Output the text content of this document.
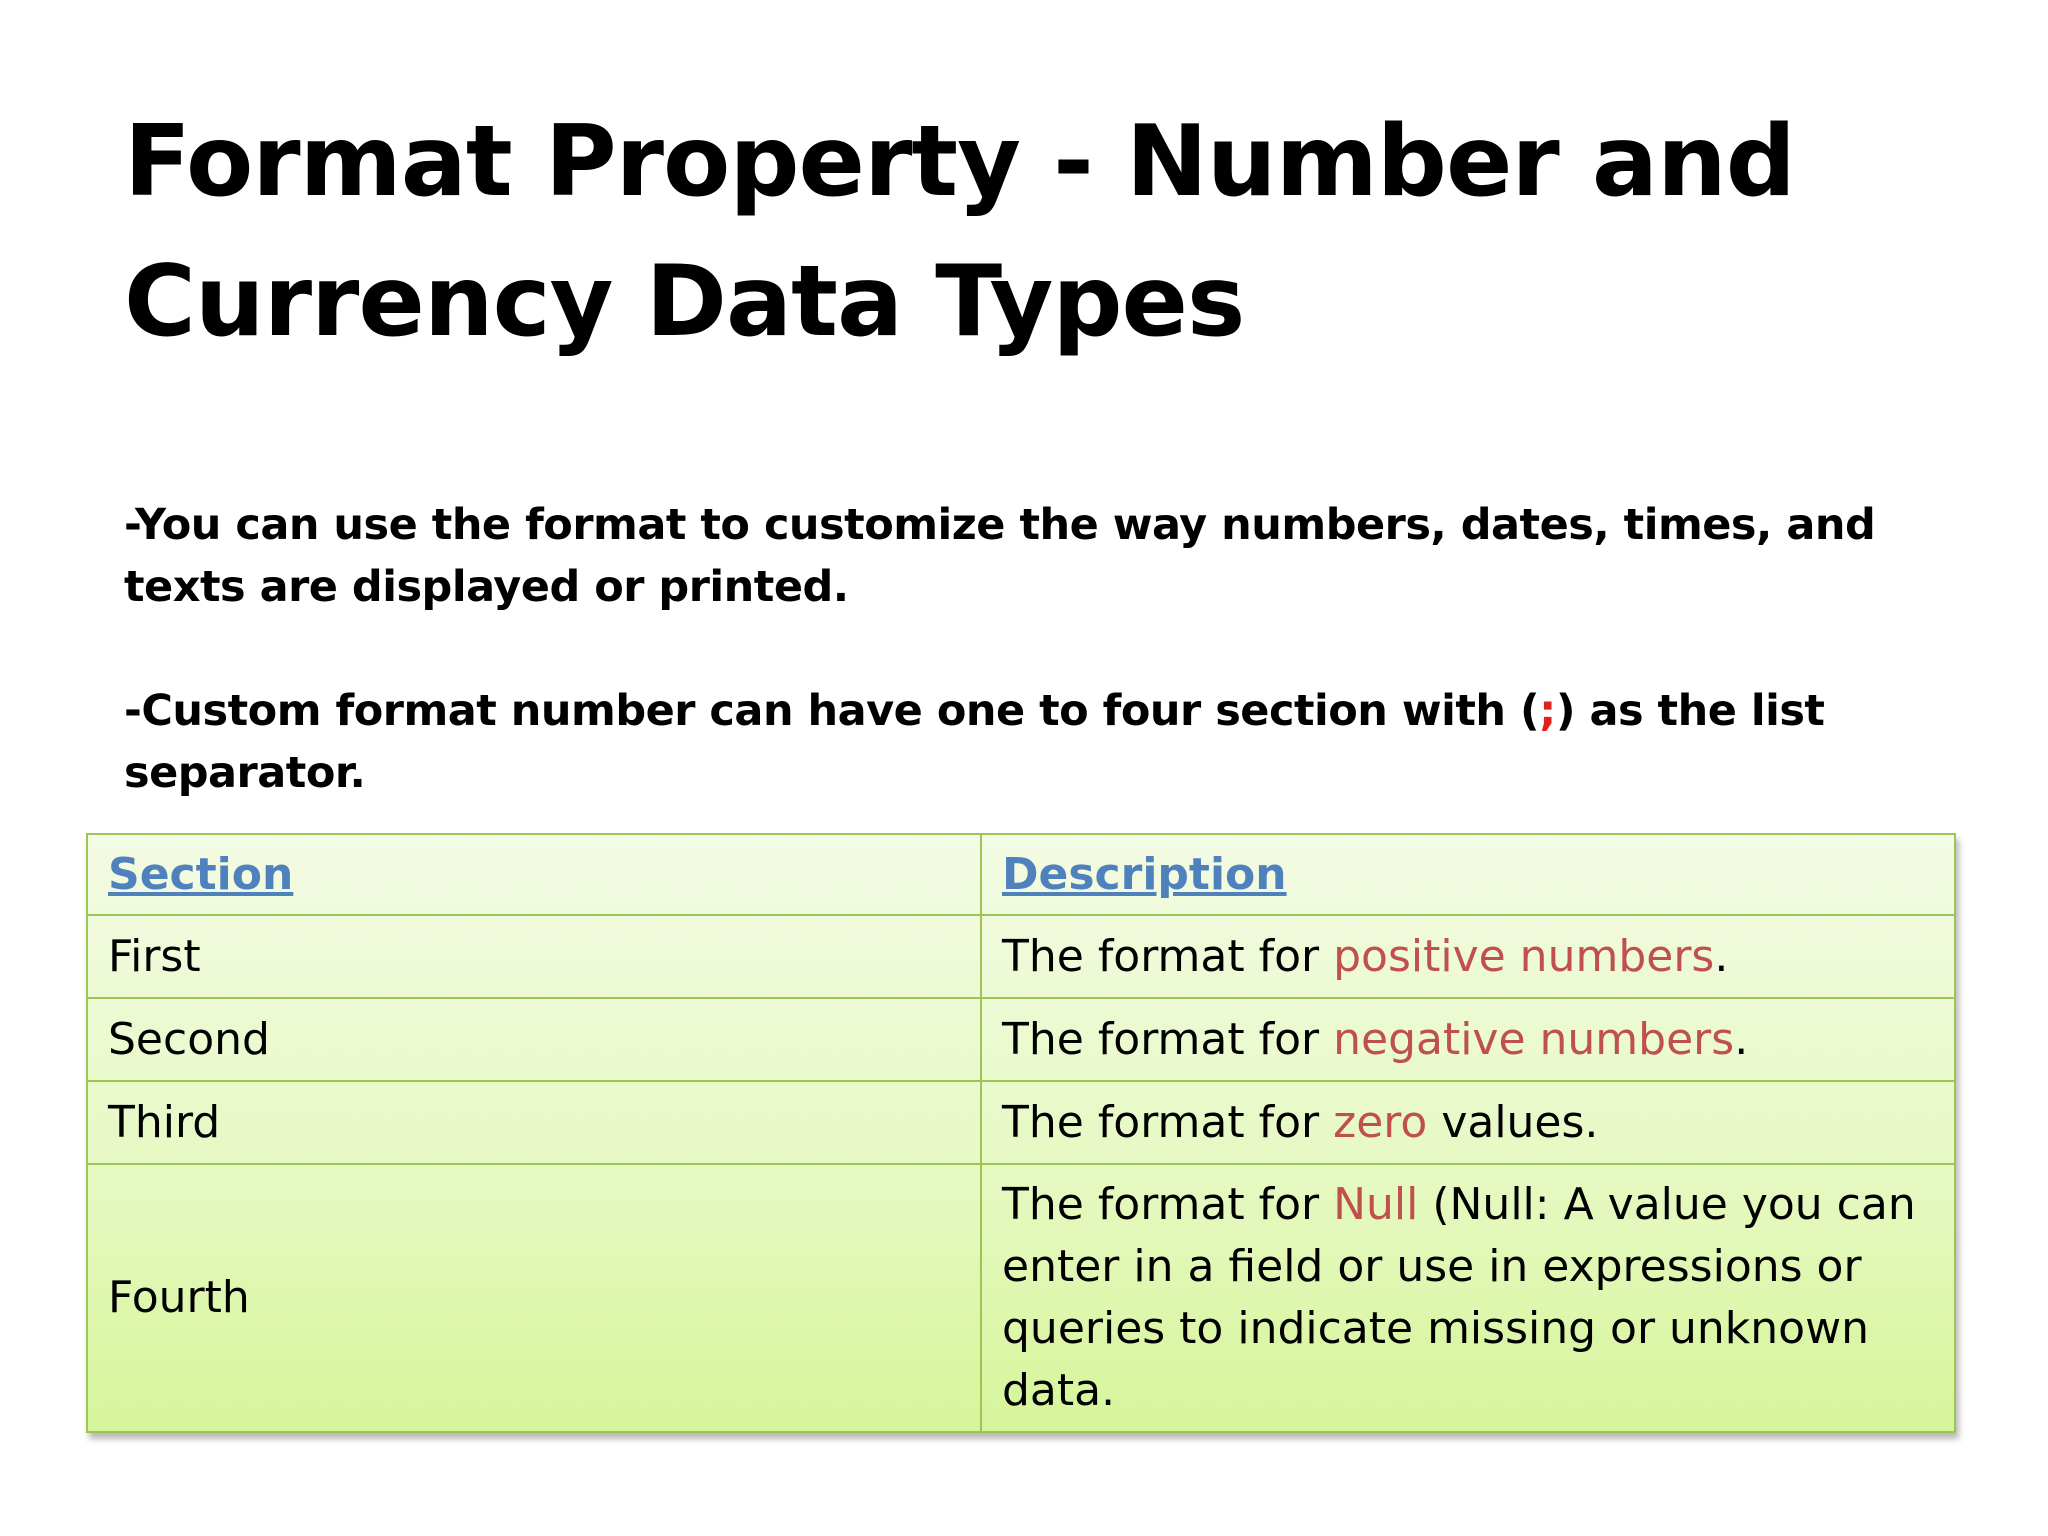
Format Property - Number and Currency Data Types

-You can use the format to customize the way numbers, dates, times, and texts are displayed or printed.

-Custom format number can have one to four section with (;) as the list separator.

Section	Description
First	The format for positive numbers.
Second	The format for negative numbers.
Third	The format for zero values.
Fourth	The format for Null (Null: A value you can enter in a field or use in expressions or queries to indicate missing or unknown data.
